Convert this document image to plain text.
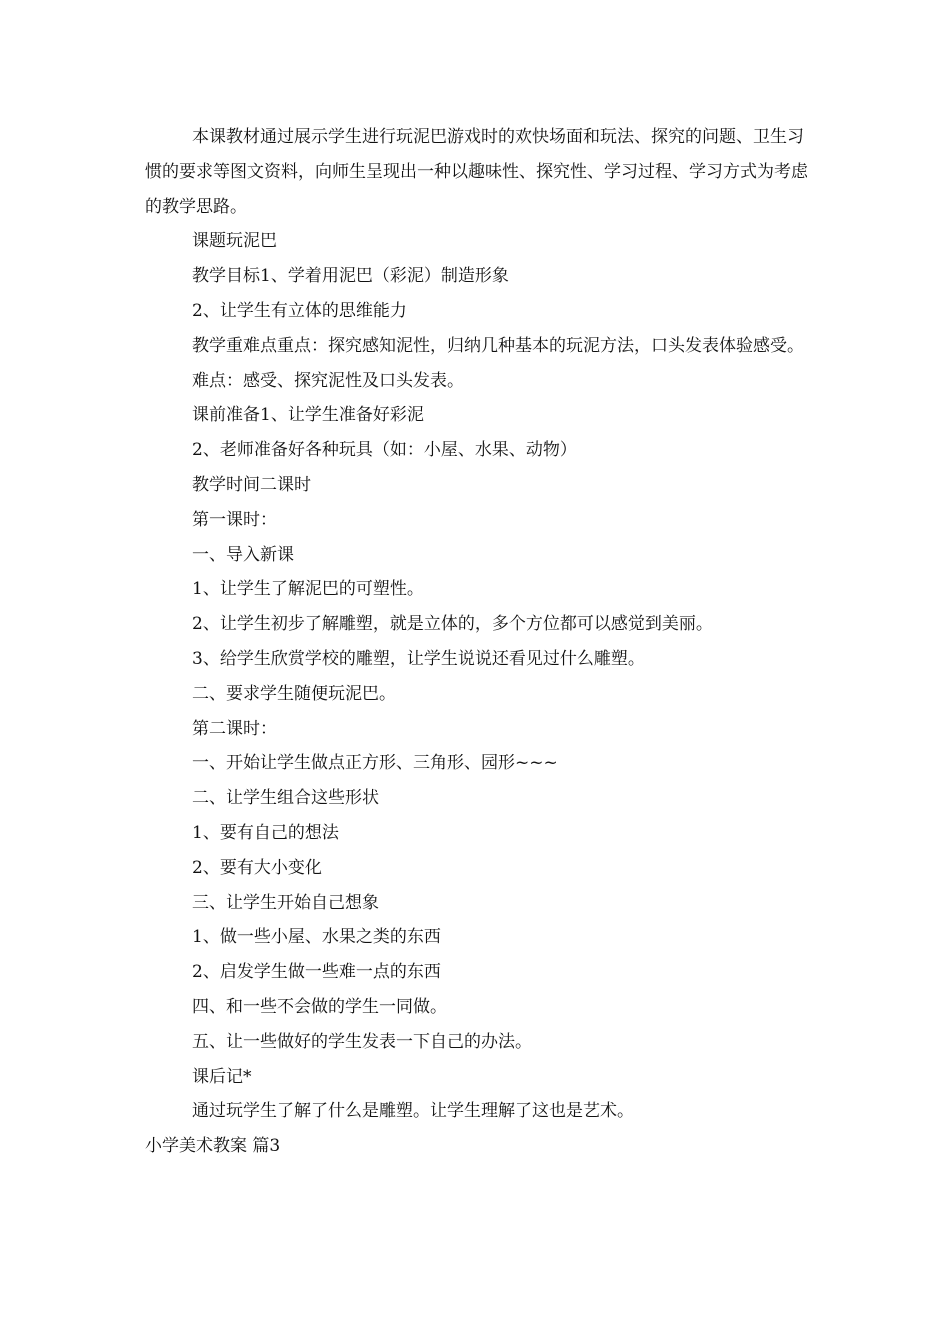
本课教材通过展示学生进行玩泥巴游戏时的欢快场面和玩法、探究的问题、卫生习惯的要求等图文资料，向师生呈现出一种以趣味性、探究性、学习过程、学习方式为考虑的教学思路。

课题玩泥巴

教学目标1、学着用泥巴（彩泥）制造形象

2、让学生有立体的思维能力

教学重难点重点：探究感知泥性，归纳几种基本的玩泥方法，口头发表体验感受。

难点：感受、探究泥性及口头发表。

课前准备1、让学生准备好彩泥

2、老师准备好各种玩具（如：小屋、水果、动物）

教学时间二课时

第一课时：

一、导入新课

1、让学生了解泥巴的可塑性。

2、让学生初步了解雕塑，就是立体的，多个方位都可以感觉到美丽。

3、给学生欣赏学校的雕塑，让学生说说还看见过什么雕塑。

二、要求学生随便玩泥巴。

第二课时：

一、开始让学生做点正方形、三角形、园形~~~

二、让学生组合这些形状

1、要有自己的想法

2、要有大小变化

三、让学生开始自己想象

1、做一些小屋、水果之类的东西

2、启发学生做一些难一点的东西

四、和一些不会做的学生一同做。

五、让一些做好的学生发表一下自己的办法。

课后记*

通过玩学生了解了什么是雕塑。让学生理解了这也是艺术。

小学美术教案 篇3
